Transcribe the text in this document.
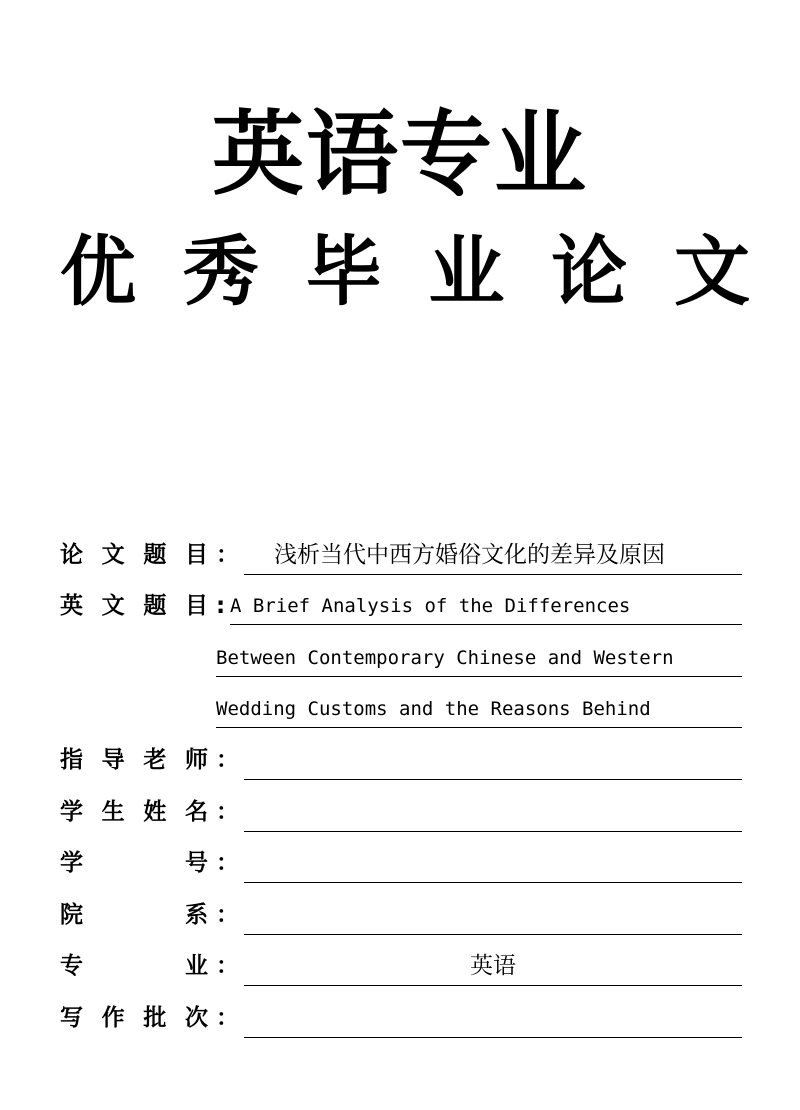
英语专业
优 秀 毕 业 论 文
论 文 题 目 ：	浅析当代中西方婚俗文化的差异及原因
英 文 题 目 : A Brief Analysis of the Differences
Between Contemporary Chinese and Western
Wedding Customs and the Reasons Behind
指 导 老 师 ：
学 生 姓 名 ：
学	号 ：
院	系 ：
专	业 ：	英语
写 作 批 次 ：
